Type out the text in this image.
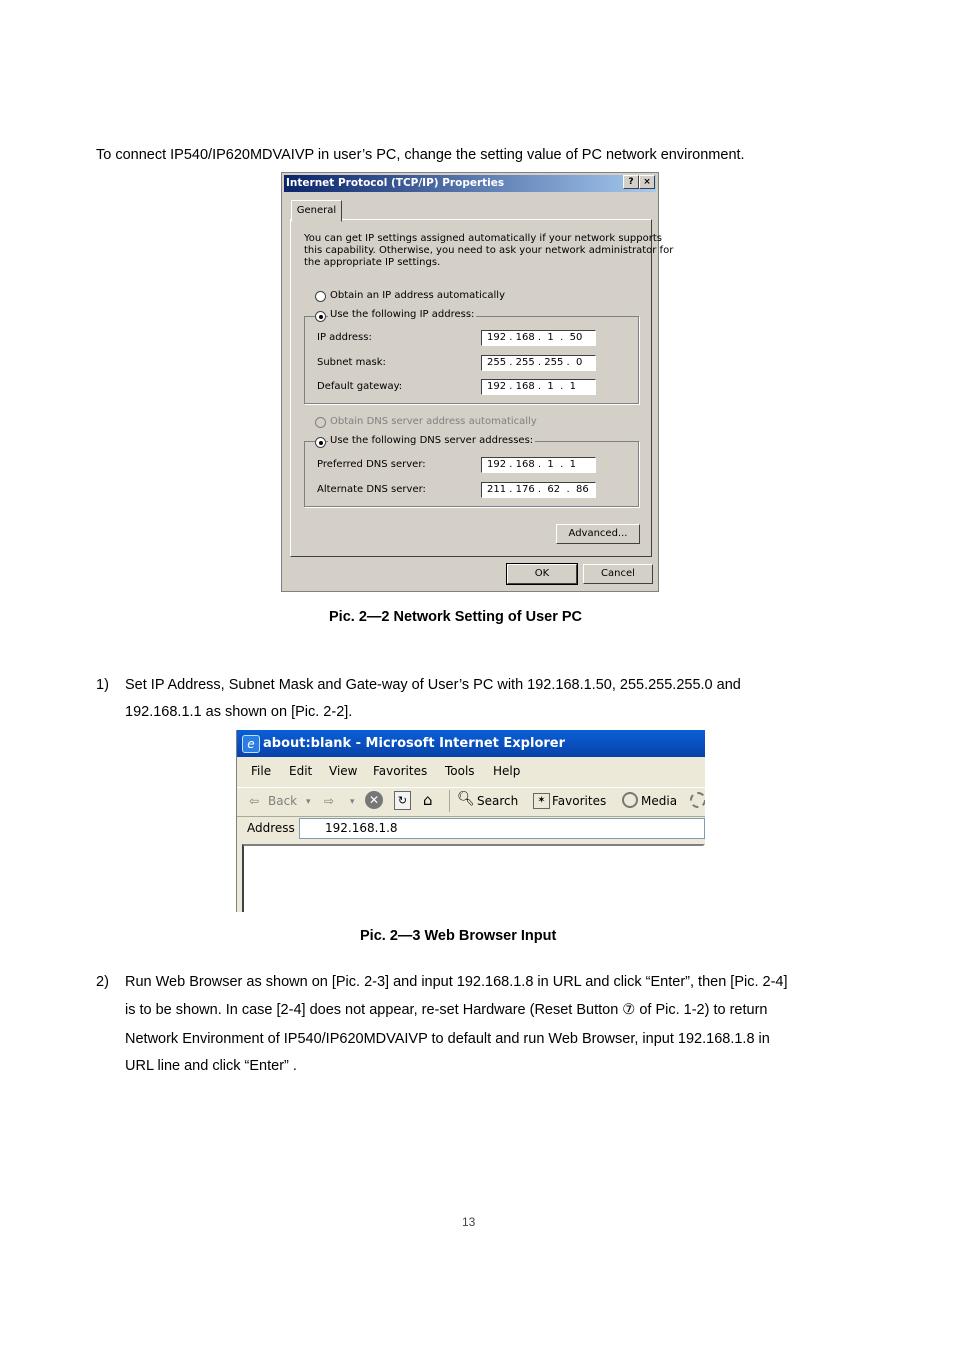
To connect IP540/IP620MDVAIVP in user’s PC, change the setting value of PC network environment.
Internet Protocol (TCP/IP) Properties	?	×
General
You can get IP settings assigned automatically if your network supports
this capability. Otherwise, you need to ask your network administrator for
the appropriate IP settings.
Obtain an IP address automatically
Use the following IP address:
IP address:	192 . 168 .  1  .  50
Subnet mask:	255 . 255 . 255 .  0
Default gateway:	192 . 168 .  1  .  1
Obtain DNS server address automatically
Use the following DNS server addresses:
Preferred DNS server:	192 . 168 .  1  .  1
Alternate DNS server:	211 . 176 .  62  .  86
Advanced...
OK	Cancel
Pic. 2—2 Network Setting of User PC
1) Set IP Address, Subnet Mask and Gate-way of User’s PC with 192.168.1.50, 255.255.255.0 and
192.168.1.1 as shown on [Pic. 2-2].
about:blank - Microsoft Internet Explorer
e
File Edit View Favorites Tools Help
⇦ Back ▾ ⇨ ▾	✕	↻ ⌂ 🔍︎ Search	✶ Favorites	Media
Address	192.168.1.8
Pic. 2—3 Web Browser Input
2) Run Web Browser as shown on [Pic. 2-3] and input 192.168.1.8 in URL and click “Enter”, then [Pic. 2-4]
is to be shown. In case [2-4] does not appear, re-set Hardware (Reset Button ⑦ of Pic. 1-2) to return
Network Environment of IP540/IP620MDVAIVP to default and run Web Browser, input 192.168.1.8 in
URL line and click “Enter” .
13
